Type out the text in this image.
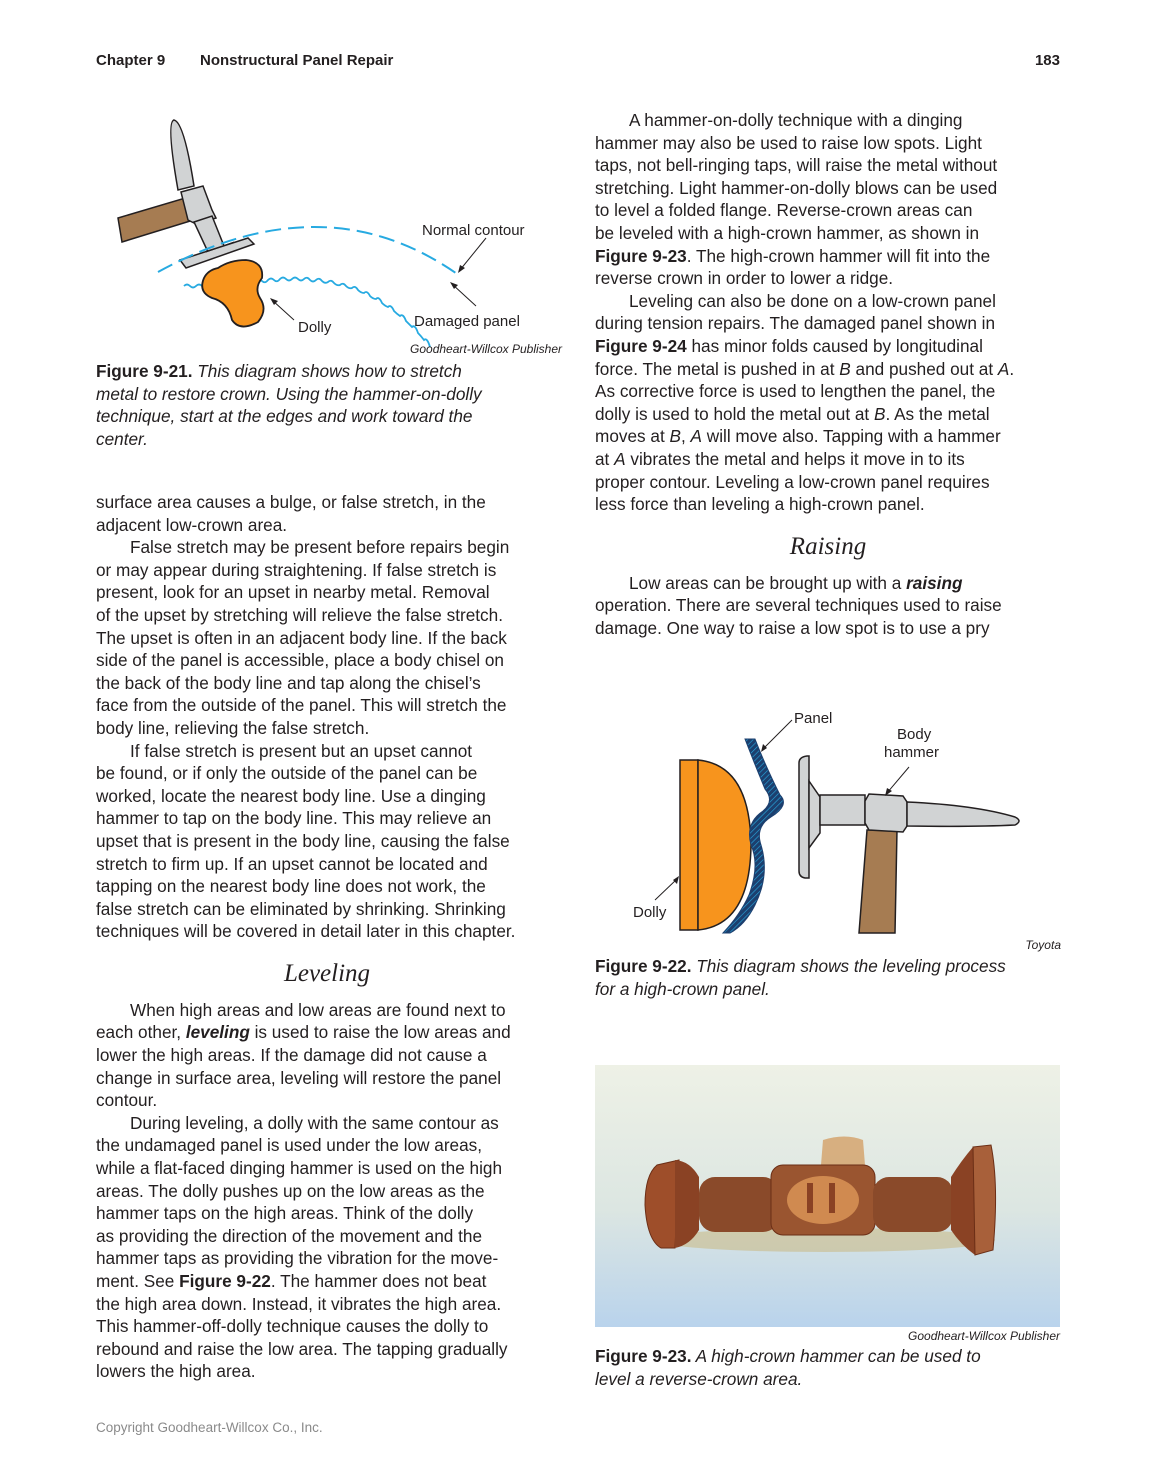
Chapter 9 Nonstructural Panel Repair	183
Normal contour
Damaged panel
Dolly
Goodheart-Willcox Publisher
Figure 9-21. This diagram shows how to stretch

metal to restore crown. Using the hammer-on-dolly
technique, start at the edges and work toward the
center.

surface area causes a bulge, or false stretch, in the
adjacent low-crown area.

False stretch may be present before repairs begin
or may appear during straightening. If false stretch is
present, look for an upset in nearby metal. Removal
of the upset by stretching will relieve the false stretch.
The upset is often in an adjacent body line. If the back
side of the panel is accessible, place a body chisel on
the back of the body line and tap along the chisel’s
face from the outside of the panel. This will stretch the
body line, relieving the false stretch.

If false stretch is present but an upset cannot
be found, or if only the outside of the panel can be
worked, locate the nearest body line. Use a dinging
hammer to tap on the body line. This may relieve an
upset that is present in the body line, causing the false
stretch to firm up. If an upset cannot be located and
tapping on the nearest body line does not work, the
false stretch can be eliminated by shrinking. Shrinking
techniques will be covered in detail later in this chapter.

Leveling

When high areas and low areas are found next to
each other, leveling is used to raise the low areas and
lower the high areas. If the damage did not cause a
change in surface area, leveling will restore the panel
contour.

During leveling, a dolly with the same contour as
the undamaged panel is used under the low areas,
while a flat-faced dinging hammer is used on the high
areas. The dolly pushes up on the low areas as the
hammer taps on the high areas. Think of the dolly
as providing the direction of the movement and the
hammer taps as providing the vibration for the move-
ment. See Figure 9-22. The hammer does not beat
the high area down. Instead, it vibrates the high area.
This hammer-off-dolly technique causes the dolly to
rebound and raise the low area. The tapping gradually
lowers the high area.

A hammer-on-dolly technique with a dinging
hammer may also be used to raise low spots. Light
taps, not bell-ringing taps, will raise the metal without
stretching. Light hammer-on-dolly blows can be used
to level a folded flange. Reverse-crown areas can
be leveled with a high-crown hammer, as shown in
Figure 9-23. The high-crown hammer will fit into the
reverse crown in order to lower a ridge.

Leveling can also be done on a low-crown panel
during tension repairs. The damaged panel shown in
Figure 9-24 has minor folds caused by longitudinal
force. The metal is pushed in at B and pushed out at A.
As corrective force is used to lengthen the panel, the
dolly is used to hold the metal out at B. As the metal
moves at B, A will move also. Tapping with a hammer
at A vibrates the metal and helps it move in to its
proper contour. Leveling a low-crown panel requires
less force than leveling a high-crown panel.

Raising

Low areas can be brought up with a raising
operation. There are several techniques used to raise
damage. One way to raise a low spot is to use a pry

Panel
Body
hammer
Dolly
Toyota
Figure 9-22. This diagram shows the leveling process

for a high-crown panel.
Goodheart-Willcox Publisher
Figure 9-23. A high-crown hammer can be used to

level a reverse-crown area.
Copyright Goodheart-Willcox Co., Inc.
